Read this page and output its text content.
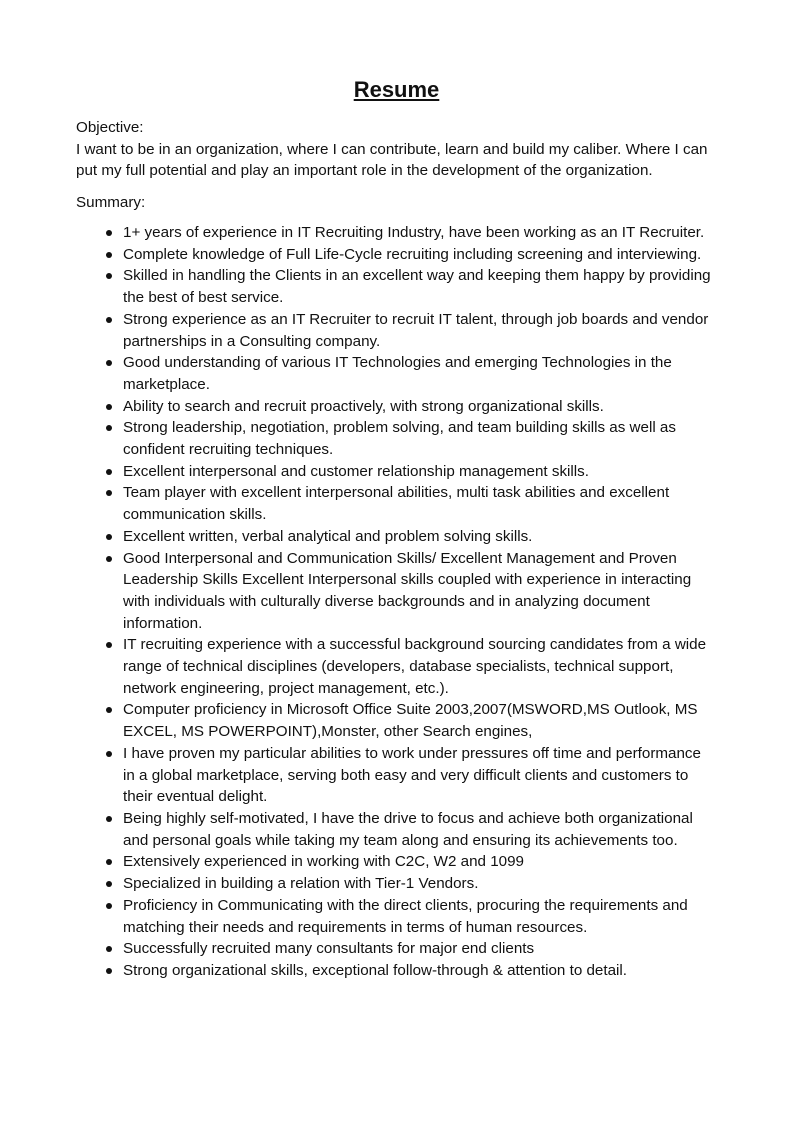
Resume
Objective:

I want to be in an organization, where I can contribute, learn and build my caliber. Where I can put my full potential and play an important role in the development of the organization.

Summary:
1+ years of experience in IT Recruiting Industry, have been working as an IT Recruiter.
Complete knowledge of Full Life-Cycle recruiting including screening and interviewing.
Skilled in handling the Clients in an excellent way and keeping them happy by providing the best of best service.
Strong experience as an IT Recruiter to recruit IT talent, through job boards and vendor partnerships in a Consulting company.
Good understanding of various IT Technologies and emerging Technologies in the marketplace.
Ability to search and recruit proactively, with strong organizational skills.
Strong leadership, negotiation, problem solving, and team building skills as well as confident recruiting techniques.
Excellent interpersonal and customer relationship management skills.
Team player with excellent interpersonal abilities, multi task abilities and excellent communication skills.
Excellent written, verbal analytical and problem solving skills.
Good Interpersonal and Communication Skills/ Excellent Management and Proven Leadership Skills Excellent Interpersonal skills coupled with experience in interacting with individuals with culturally diverse backgrounds and in analyzing document information.
IT recruiting experience with a successful background sourcing candidates from a wide range of technical disciplines (developers, database specialists, technical support, network engineering, project management, etc.).
Computer proficiency in Microsoft Office Suite 2003,2007(MSWORD,MS Outlook, MS EXCEL, MS POWERPOINT),Monster, other Search engines,
I have proven my particular abilities to work under pressures off time and performance in a global marketplace, serving both easy and very difficult clients and customers to their eventual delight.
Being highly self-motivated, I have the drive to focus and achieve both organizational and personal goals while taking my team along and ensuring its achievements too.
Extensively experienced in working with C2C, W2 and 1099
Specialized in building a relation with Tier-1 Vendors.
Proficiency in Communicating with the direct clients, procuring the requirements and matching their needs and requirements in terms of human resources.
Successfully recruited many consultants for major end clients
Strong organizational skills, exceptional follow-through & attention to detail.
